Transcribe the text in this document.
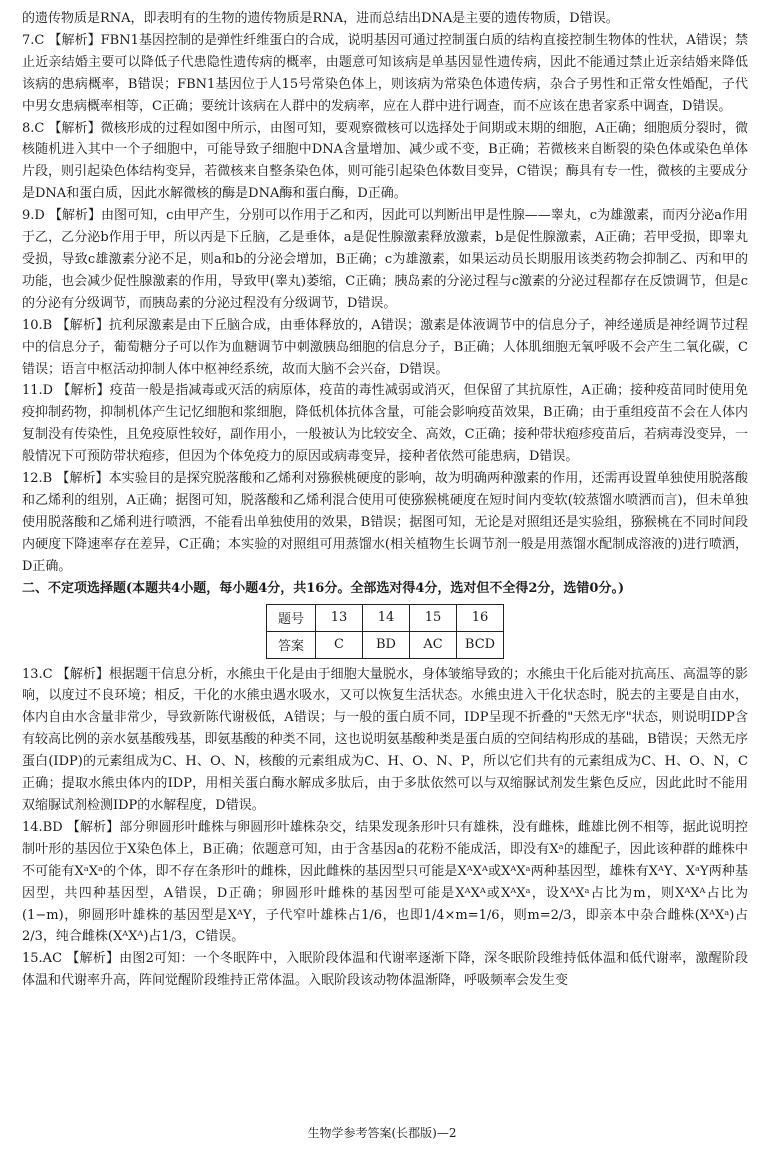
的遗传物质是RNA，即表明有的生物的遗传物质是RNA，进而总结出DNA是主要的遗传物质，D错误。

7.C 【解析】FBN1基因控制的是弹性纤维蛋白的合成，说明基因可通过控制蛋白质的结构直接控制生物体的性状，A错误；禁止近亲结婚主要可以降低子代患隐性遗传病的概率，由题意可知该病是单基因显性遗传病，因此不能通过禁止近亲结婚来降低该病的患病概率，B错误；FBN1基因位于人15号常染色体上，则该病为常染色体遗传病，杂合子男性和正常女性婚配，子代中男女患病概率相等，C正确；要统计该病在人群中的发病率，应在人群中进行调查，而不应该在患者家系中调查，D错误。

8.C 【解析】微核形成的过程如图中所示，由图可知，要观察微核可以选择处于间期或末期的细胞，A正确；细胞质分裂时，微核随机进入其中一个子细胞中，可能导致子细胞中DNA含量增加、减少或不变，B正确；若微核来自断裂的染色体或染色单体片段，则引起染色体结构变异，若微核来自整条染色体，则可能引起染色体数目变异，C错误；酶具有专一性，微核的主要成分是DNA和蛋白质，因此水解微核的酶是DNA酶和蛋白酶，D正确。

9.D 【解析】由图可知，c由甲产生，分别可以作用于乙和丙，因此可以判断出甲是性腺——睾丸，c为雄激素，而丙分泌a作用于乙，乙分泌b作用于甲，所以丙是下丘脑，乙是垂体，a是促性腺激素释放激素，b是促性腺激素，A正确；若甲受损，即睾丸受损，导致c雄激素分泌不足，则a和b的分泌会增加，B正确；c为雄激素，如果运动员长期服用该类药物会抑制乙、丙和甲的功能，也会减少促性腺激素的作用，导致甲(睾丸)萎缩，C正确；胰岛素的分泌过程与c激素的分泌过程都存在反馈调节，但是c的分泌有分级调节，而胰岛素的分泌过程没有分级调节，D错误。

10.B 【解析】抗利尿激素是由下丘脑合成，由垂体释放的，A错误；激素是体液调节中的信息分子，神经递质是神经调节过程中的信息分子，葡萄糖分子可以作为血糖调节中刺激胰岛细胞的信息分子，B正确；人体肌细胞无氧呼吸不会产生二氧化碳，C错误；语言中枢活动抑制人体中枢神经系统，故而大脑不会兴奋，D错误。

11.D 【解析】疫苗一般是指减毒或灭活的病原体，疫苗的毒性减弱或消灭，但保留了其抗原性，A正确；接种疫苗同时使用免疫抑制药物，抑制机体产生记忆细胞和浆细胞，降低机体抗体含量，可能会影响疫苗效果，B正确；由于重组疫苗不会在人体内复制没有传染性，且免疫原性较好，副作用小，一般被认为比较安全、高效，C正确；接种带状疱疹疫苗后，若病毒没变异，一般情况下可预防带状疱疹，但因为个体免疫力的原因或病毒变异，接种者依然可能患病，D错误。

12.B 【解析】本实验目的是探究脱落酸和乙烯利对猕猴桃硬度的影响，故为明确两种激素的作用，还需再设置单独使用脱落酸和乙烯利的组别，A正确；据图可知，脱落酸和乙烯利混合使用可使猕猴桃硬度在短时间内变软(较蒸馏水喷洒而言)，但未单独使用脱落酸和乙烯利进行喷洒，不能看出单独使用的效果，B错误；据图可知，无论是对照组还是实验组，猕猴桃在不同时间段内硬度下降速率存在差异，C正确；本实验的对照组可用蒸馏水(相关植物生长调节剂一般是用蒸馏水配制成溶液的)进行喷洒，D正确。

二、不定项选择题(本题共4小题，每小题4分，共16分。全部选对得4分，选对但不全得2分，选错0分。)

题号	13	14	15	16
答案	C	BD	AC	BCD

13.C 【解析】根据题干信息分析，水熊虫干化是由于细胞大量脱水，身体皱缩导致的；水熊虫干化后能对抗高压、高温等的影响，以度过不良环境；相反，干化的水熊虫遇水吸水，又可以恢复生活状态。水熊虫进入干化状态时，脱去的主要是自由水，体内自由水含量非常少，导致新陈代谢极低，A错误；与一般的蛋白质不同，IDP呈现不折叠的"天然无序"状态，则说明IDP含有较高比例的亲水氨基酸残基，即氨基酸的种类不同，这也说明氨基酸种类是蛋白质的空间结构形成的基础，B错误；天然无序蛋白(IDP)的元素组成为C、H、O、N，核酸的元素组成为C、H、O、N、P，所以它们共有的元素组成为C、H、O、N，C正确；提取水熊虫体内的IDP，用相关蛋白酶水解成多肽后，由于多肽依然可以与双缩脲试剂发生紫色反应，因此此时不能用双缩脲试剂检测IDP的水解程度，D错误。

14.BD 【解析】部分卵圆形叶雌株与卵圆形叶雄株杂交，结果发现条形叶只有雄株，没有雌株，雌雄比例不相等，据此说明控制叶形的基因位于X染色体上，B正确；依题意可知，由于含基因a的花粉不能成活，即没有Xᵃ的雄配子，因此该种群的雌株中不可能有XᵃXᵃ的个体，即不存在条形叶的雌株，因此雌株的基因型只可能是XᴬXᴬ或XᴬXᵃ两种基因型，雄株有XᴬY、XᵃY两种基因型，共四种基因型，A错误，D正确；卵圆形叶雌株的基因型可能是XᴬXᴬ或XᴬXᵃ，设XᴬXᵃ占比为m，则XᴬXᴬ占比为(1−m)，卵圆形叶雄株的基因型是XᴬY，子代窄叶雄株占1/6，也即1/4×m=1/6，则m=2/3，即亲本中杂合雌株(XᴬXᵃ)占2/3，纯合雌株(XᴬXᴬ)占1/3，C错误。

15.AC 【解析】由图2可知：一个冬眠阵中，入眠阶段体温和代谢率逐渐下降，深冬眠阶段维持低体温和低代谢率，激醒阶段体温和代谢率升高，阵间觉醒阶段维持正常体温。入眠阶段该动物体温渐降，呼吸频率会发生变

生物学参考答案(长郡版)—2
